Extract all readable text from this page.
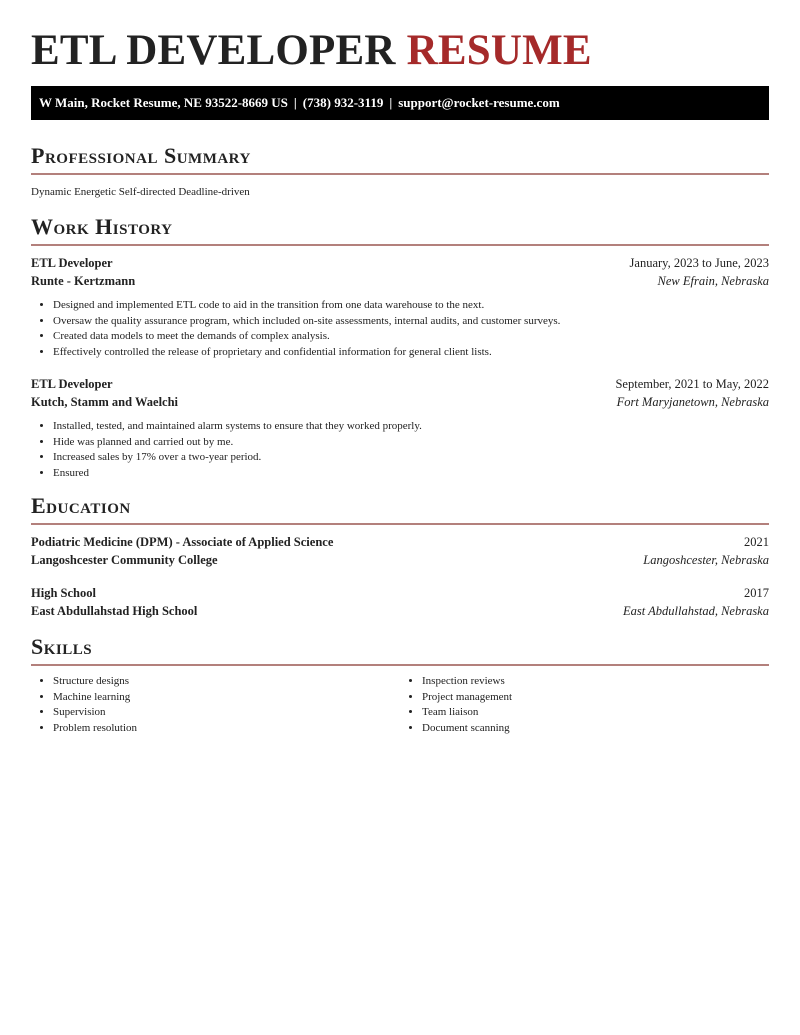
ETL DEVELOPER RESUME
W Main, Rocket Resume, NE 93522-8669 US | (738) 932-3119 | support@rocket-resume.com
Professional Summary
Dynamic Energetic Self-directed Deadline-driven
Work History
ETL Developer	January, 2023 to June, 2023
Runte - Kertzmann	New Efrain, Nebraska
• Designed and implemented ETL code to aid in the transition from one data warehouse to the next.
• Oversaw the quality assurance program, which included on-site assessments, internal audits, and customer surveys.
• Created data models to meet the demands of complex analysis.
• Effectively controlled the release of proprietary and confidential information for general client lists.
ETL Developer	September, 2021 to May, 2022
Kutch, Stamm and Waelchi	Fort Maryjanetown, Nebraska
• Installed, tested, and maintained alarm systems to ensure that they worked properly.
• Hide was planned and carried out by me.
• Increased sales by 17% over a two-year period.
• Ensured
Education
Podiatric Medicine (DPM) - Associate of Applied Science	2021
Langoshcester Community College	Langoshcester, Nebraska
High School	2017
East Abdullahstad High School	East Abdullahstad, Nebraska
Skills
• Structure designs
• Machine learning
• Supervision
• Problem resolution
• Inspection reviews
• Project management
• Team liaison
• Document scanning
